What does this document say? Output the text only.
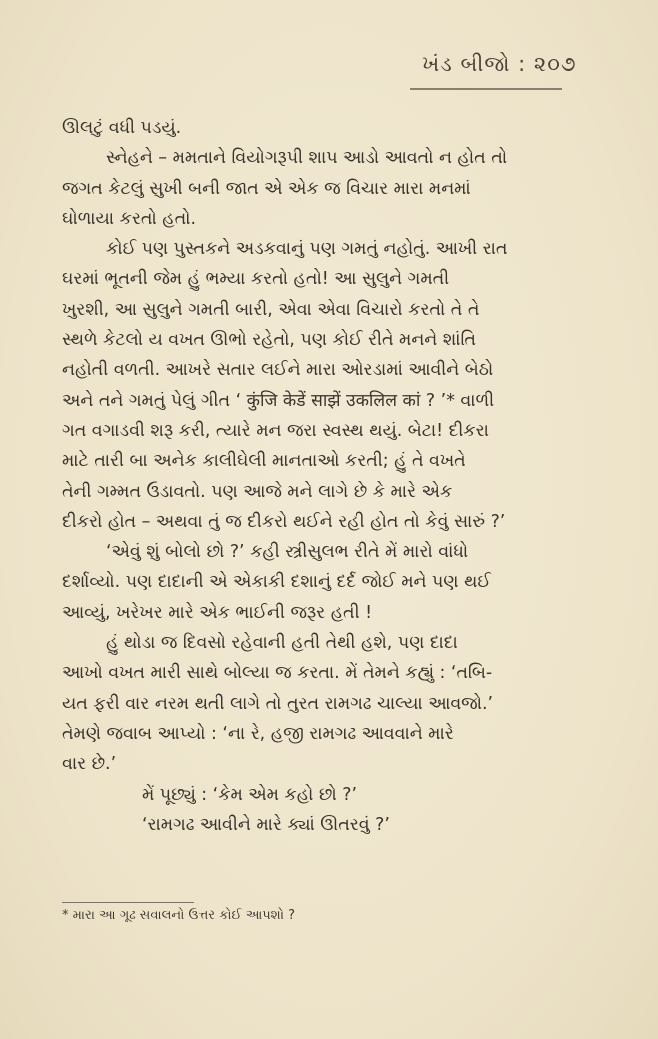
ખંડ બીજો : ૨૦૭
ઊલટું વધી પડયું.
સ્નેહને – મમતાને વિયોગરૂપી શાપ આડો આવતો ન હોત તો
જગત કેટલું સુખી બની જાત એ એક જ વિચાર મારા મનમાં
ઘોળાયા કરતો હતો.
કોઈ પણ પુસ્તકને અડકવાનું પણ ગમતું નહોતું. આખી રાત
ઘરમાં ભૂતની જેમ હું ભમ્યા કરતો હતો! આ સુલુને ગમતી
ખુરશી, આ સુલુને ગમતી બારી, એવા એવા વિચારો કરતો તે તે
સ્થળે કેટલો ય વખત ઊભો રહેતો, પણ કોઈ રીતે મનને શાંતિ
નહોતી વળતી. આખરે સતાર લઈને મારા ઓરડામાં આવીને બેઠો
અને તને ગમતું પેલું ગીત ‘ कुंजि केडें साझें उकलिल कां ? ’* વાળી
ગત વગાડવી શરૂ કરી, ત્યારે મન જરા સ્વસ્થ થયું. બેટા! દીકરા
માટે તારી બા અનેક કાલીઘેલી માનતાઓ કરતી; હું તે વખતે
તેની ગમ્મત ઉડાવતો. પણ આજે મને લાગે છે કે મારે એક
દીકરો હોત – અથવા તું જ દીકરો થઈને રહી હોત તો કેવું સારું ?’
‘એવું શું બોલો છો ?’ કહી સ્ત્રીસુલભ રીતે મેં મારો વાંધો
દર્શાવ્યો. પણ દાદાની એ એકાકી દશાનું દર્દ જોઈ મને પણ થઈ
આવ્યું, ખરેખર મારે એક ભાઈની જરૂર હતી !
હું થોડા જ દિવસો રહેવાની હતી તેથી હશે, પણ દાદા
આખો વખત મારી સાથે બોલ્યા જ કરતા. મેં તેમને કહ્યું : ‘તબિ-
યત ફરી વાર નરમ થતી લાગે તો તુરત રામગઢ ચાલ્યા આવજો.’
તેમણે જવાબ આપ્યો : ‘ના રે, હજી રામગઢ આવવાને મારે
વાર છે.’
મેં પૂછ્યું : ‘કેમ એમ કહો છો ?’
‘રામગઢ આવીને મારે ક્યાં ઊતરવું ?’
* મારા આ ગૂઢ સવાલનો ઉત્તર કોઈ આપશો ?
